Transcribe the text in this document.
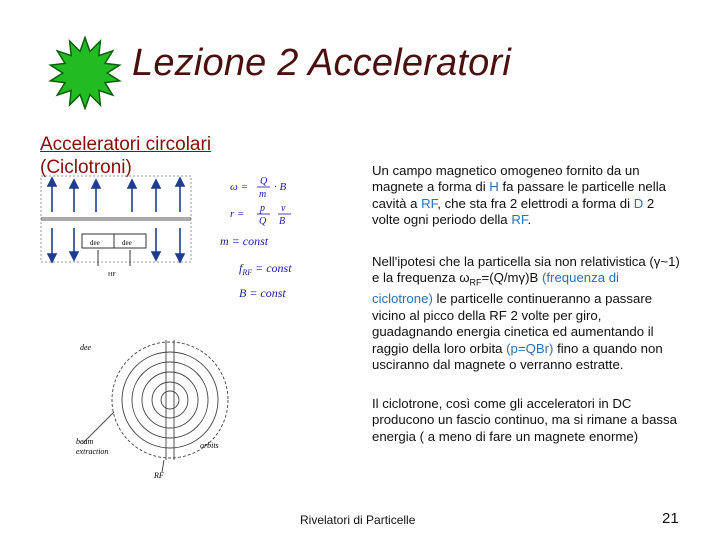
Lezione 2 Acceleratori
Acceleratori circolari
(Ciclotroni)
dee	dee
HF
ω = Q
m
· B
r = p
Q
v
B
m = const
$f_{RF}$ = const
B = const
dee
beam
extraction
orbits
RF
Un campo magnetico omogeneo fornito da un magnete a forma di H fa passare le particelle nella cavità a RF, che sta fra 2 elettrodi a forma di D 2 volte ogni periodo della RF.
Nell'ipotesi che la particella sia non relativistica (γ~1) e la frequenza $\omega_{RF}=(Q/m\gamma)B$ (frequenza di ciclotrone) le particelle continueranno a passare vicino al picco della RF 2 volte per giro, guadagnando energia cinetica ed aumentando il raggio della loro orbita (p=QBr) fino a quando non usciranno dal magnete o verranno estratte.
Il ciclotrone, così come gli acceleratori in DC producono un fascio continuo, ma si rimane a bassa energia ( a meno di fare un magnete enorme)
Rivelatori di Particelle	21
